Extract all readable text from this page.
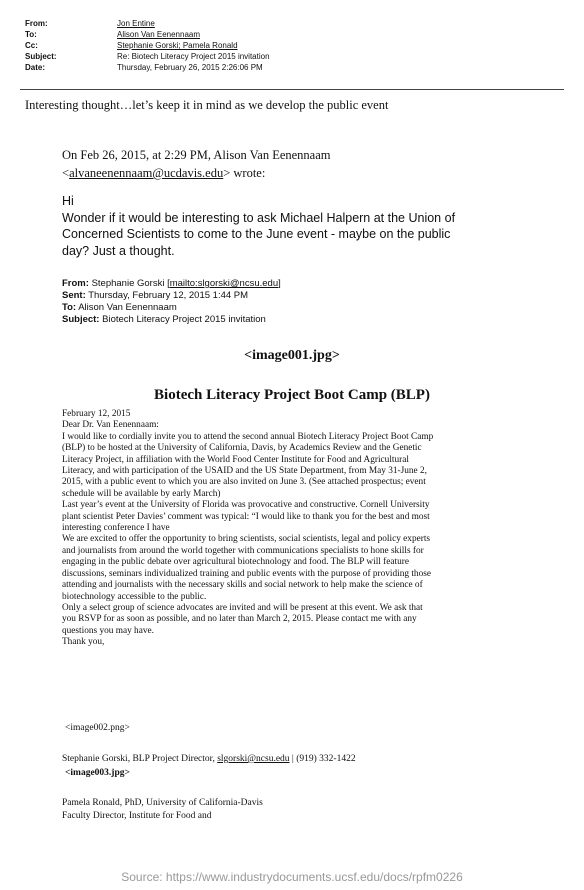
From:	Jon Entine
To:	Alison Van Eenennaam
Cc:	Stephanie Gorski; Pamela Ronald
Subject:	Re: Biotech Literacy Project 2015 invitation
Date:	Thursday, February 26, 2015 2:26:06 PM
Interesting thought…let’s keep it in mind as we develop the public event
On Feb 26, 2015, at 2:29 PM, Alison Van Eenennaam
<alvaneenennaam@ucdavis.edu> wrote:
Hi
Wonder if it would be interesting to ask Michael Halpern at the Union of
Concerned Scientists to come to the June event - maybe on the public
day? Just a thought.
From: Stephanie Gorski [mailto:slgorski@ncsu.edu]
Sent: Thursday, February 12, 2015 1:44 PM
To: Alison Van Eenennaam
Subject: Biotech Literacy Project 2015 invitation
<image001.jpg>
Biotech Literacy Project Boot Camp (BLP)
February 12, 2015
Dear Dr. Van Eenennaam:
I would like to cordially invite you to attend the second annual Biotech Literacy Project Boot Camp
(BLP) to be hosted at the University of California, Davis, by Academics Review and the Genetic
Literacy Project, in affiliation with the World Food Center Institute for Food and Agricultural
Literacy, and with participation of the USAID and the US State Department, from May 31-June 2,
2015, with a public event to which you are also invited on June 3. (See attached prospectus; event
schedule will be available by early March)
Last year’s event at the University of Florida was provocative and constructive. Cornell University
plant scientist Peter Davies’ comment was typical: “I would like to thank you for the best and most
interesting conference I have
We are excited to offer the opportunity to bring scientists, social scientists, legal and policy experts
and journalists from around the world together with communications specialists to hone skills for
engaging in the public debate over agricultural biotechnology and food. The BLP will feature
discussions, seminars individualized training and public events with the purpose of providing those
attending and journalists with the necessary skills and social network to help make the science of
biotechnology accessible to the public.
Only a select group of science advocates are invited and will be present at this event. We ask that
you RSVP for as soon as possible, and no later than March 2, 2015. Please contact me with any
questions you may have.
Thank you,
<image002.png>
Stephanie Gorski, BLP Project Director, slgorski@ncsu.edu | (919) 332-1422
<image003.jpg>
Pamela Ronald, PhD, University of California-Davis
Faculty Director, Institute for Food and
Source: https://www.industrydocuments.ucsf.edu/docs/rpfm0226
